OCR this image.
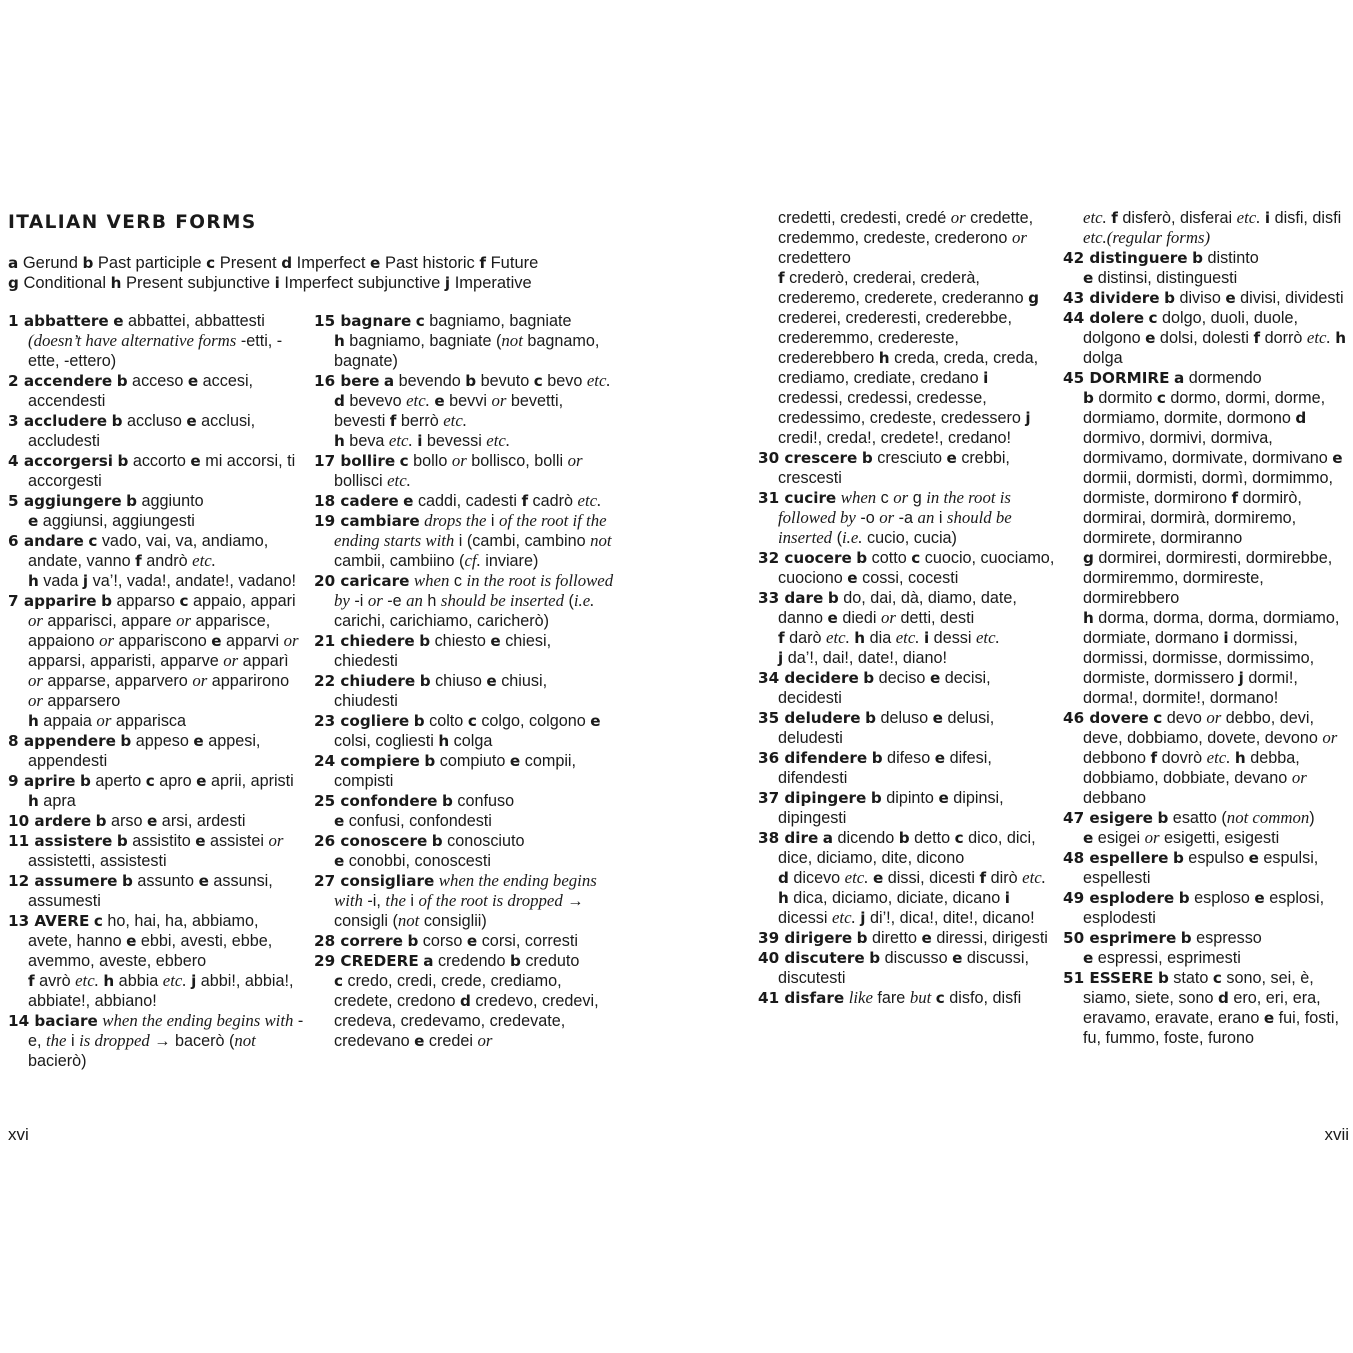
ITALIAN VERB FORMS
a Gerund b Past participle c Present d Imperfect e Past historic f Future
g Conditional h Present subjunctive i Imperfect subjunctive j Imperative
1 abbattere e abbattei, abbattesti (doesn’t have alternative forms -etti, -ette, -ettero)
2 accendere b acceso e accesi, accendesti
3 accludere b accluso e acclusi, accludesti
4 accorgersi b accorto e mi accorsi, ti accorgesti
5 aggiungere b aggiunto
e aggiunsi, aggiungesti
6 andare c vado, vai, va, andiamo, andate, vanno f andrò etc.
h vada j va’!, vada!, andate!, vadano!
7 apparire b apparso c appaio, appari or apparisci, appare or apparisce, appaiono or appariscono e apparvi or apparsi, apparisti, apparve or apparì or apparse, apparvero or apparirono or apparsero
h appaia or apparisca
8 appendere b appeso e appesi, appendesti
9 aprire b aperto c apro e aprii, apristi h apra
10 ardere b arso e arsi, ardesti
11 assistere b assistito e assistei or assistetti, assistesti
12 assumere b assunto e assunsi, assumesti
13 AVERE c ho, hai, ha, abbiamo, avete, hanno e ebbi, avesti, ebbe, avemmo, aveste, ebbero
f avrò etc. h abbia etc. j abbi!, abbia!, abbiate!, abbiano!
14 baciare when the ending begins with -e, the i is dropped → bacerò (not bacierò)
15 bagnare c bagniamo, bagniate
h bagniamo, bagniate (not bagnamo, bagnate)
16 bere a bevendo b bevuto c bevo etc. d bevevo etc. e bevvi or bevetti, bevesti f berrò etc.
h beva etc. i bevessi etc.
17 bollire c bollo or bollisco, bolli or bollisci etc.
18 cadere e caddi, cadesti f cadrò etc.
19 cambiare drops the i of the root if the ending starts with i (cambi, cambino not cambii, cambiino (cf. inviare)
20 caricare when c in the root is followed by -i or -e an h should be inserted (i.e. carichi, carichiamo, caricherò)
21 chiedere b chiesto e chiesi, chiedesti
22 chiudere b chiuso e chiusi, chiudesti
23 cogliere b colto c colgo, colgono e colsi, cogliesti h colga
24 compiere b compiuto e compii, compisti
25 confondere b confuso
e confusi, confondesti
26 conoscere b conosciuto
e conobbi, conoscesti
27 consigliare when the ending begins with -i, the i of the root is dropped → consigli (not consiglii)
28 correre b corso e corsi, corresti
29 CREDERE a credendo b creduto
c credo, credi, crede, crediamo, credete, credono d credevo, credevi, credeva, credevamo, credevate, credevano e credei or
credetti, credesti, credé or credette, credemmo, credeste, crederono or credettero
f crederò, crederai, crederà, crederemo, crederete, crederanno g crederei, crederesti, crederebbe, crederemmo, credereste, crederebbero h creda, creda, creda, crediamo, crediate, credano i credessi, credessi, credesse, credessimo, credeste, credessero j credi!, creda!, credete!, credano!
30 crescere b cresciuto e crebbi, crescesti
31 cucire when c or g in the root is followed by -o or -a an i should be inserted (i.e. cucio, cucia)
32 cuocere b cotto c cuocio, cuociamo, cuociono e cossi, cocesti
33 dare b do, dai, dà, diamo, date, danno e diedi or detti, desti
f darò etc. h dia etc. i dessi etc.
j da’!, dai!, date!, diano!
34 decidere b deciso e decisi, decidesti
35 deludere b deluso e delusi, deludesti
36 difendere b difeso e difesi, difendesti
37 dipingere b dipinto e dipinsi, dipingesti
38 dire a dicendo b detto c dico, dici, dice, diciamo, dite, dicono
d dicevo etc. e dissi, dicesti f dirò etc. h dica, diciamo, diciate, dicano i dicessi etc. j di’!, dica!, dite!, dicano!
39 dirigere b diretto e diressi, dirigesti
40 discutere b discusso e discussi, discutesti
41 disfare like fare but c disfo, disfi
etc. f disferò, disferai etc. i disfi, disfi etc.(regular forms)
42 distinguere b distinto
e distinsi, distinguesti
43 dividere b diviso e divisi, dividesti
44 dolere c dolgo, duoli, duole, dolgono e dolsi, dolesti f dorrò etc. h dolga
45 DORMIRE a dormendo
b dormito c dormo, dormi, dorme, dormiamo, dormite, dormono d dormivo, dormivi, dormiva, dormivamo, dormivate, dormivano e dormii, dormisti, dormì, dormimmo, dormiste, dormirono f dormirò, dormirai, dormirà, dormiremo, dormirete, dormiranno
g dormirei, dormiresti, dormirebbe, dormiremmo, dormireste, dormirebbero
h dorma, dorma, dorma, dormiamo, dormiate, dormano i dormissi, dormissi, dormisse, dormissimo, dormiste, dormissero j dormi!, dorma!, dormite!, dormano!
46 dovere c devo or debbo, devi, deve, dobbiamo, dovete, devono or debbono f dovrò etc. h debba, dobbiamo, dobbiate, devano or debbano
47 esigere b esatto (not common)
e esigei or esigetti, esigesti
48 espellere b espulso e espulsi, espellesti
49 esplodere b esploso e esplosi, esplodesti
50 esprimere b espresso
e espressi, esprimesti
51 ESSERE b stato c sono, sei, è, siamo, siete, sono d ero, eri, era, eravamo, eravate, erano e fui, fosti, fu, fummo, foste, furono
xvi	xvii
